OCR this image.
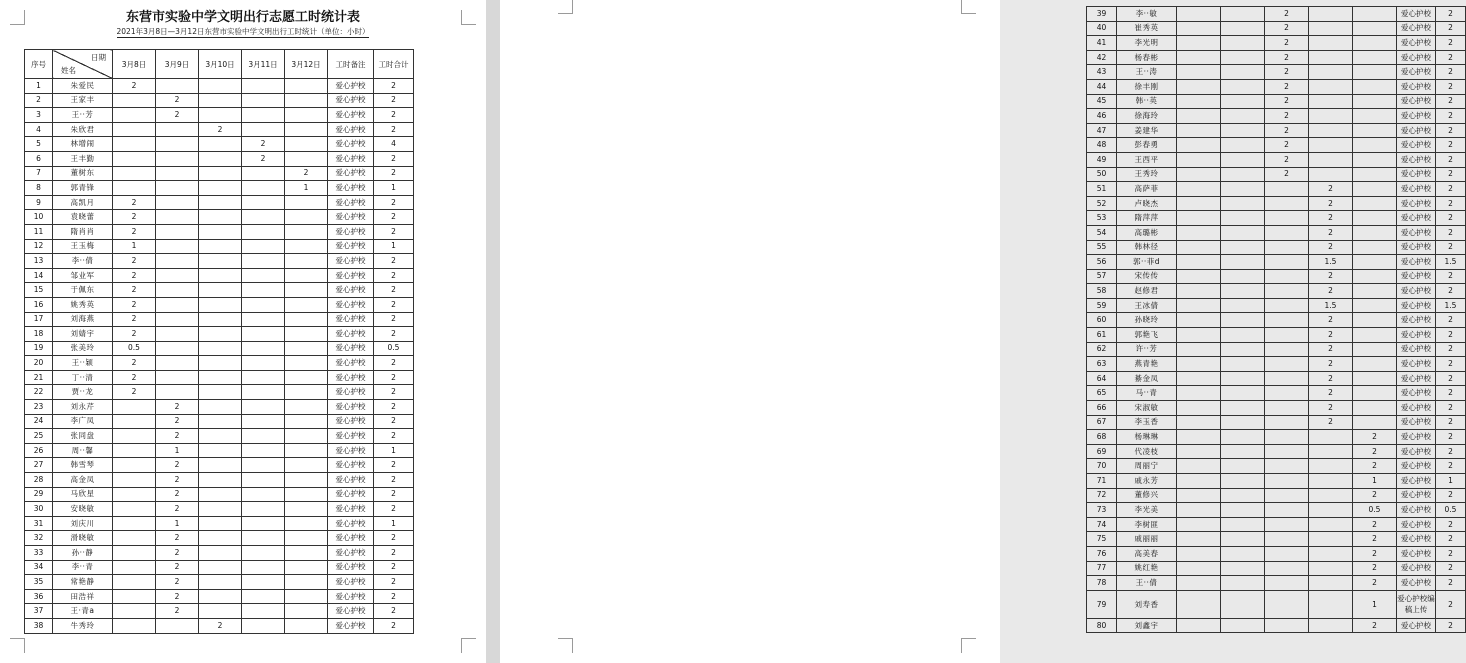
东营市实验中学文明出行志愿工时统计表
2021年3月8日—3月12日东营市实验中学文明出行工时统计（单位：小时）
序号	日期
姓名	3月8日	3月9日	3月10日	3月11日	3月12日	工时备注	工时合计
1	朱爱民	2					爱心护校	2
2	王家丰		2				爱心护校	2
3	王··芳		2				爱心护校	2
4	朱欣君			2			爱心护校	2
5	林增闹				2		爱心护校	4
6	王丰勤				2		爱心护校	2
7	董树东					2	爱心护校	2
8	郭青锋					1	爱心护校	1
9	高凯月	2					爱心护校	2
10	袁晓蕾	2					爱心护校	2
11	隋肖肖	2					爱心护校	2
12	王玉梅	1					爱心护校	1
13	李··倩	2					爱心护校	2
14	邹业军	2					爱心护校	2
15	于佩东	2					爱心护校	2
16	姚秀英	2					爱心护校	2
17	刘海燕	2					爱心护校	2
18	刘婧宇	2					爱心护校	2
19	张美玲	0.5					爱心护校	0.5
20	王··颖	2					爱心护校	2
21	丁··清	2					爱心护校	2
22	贾··龙	2					爱心护校	2
23	刘永芹		2				爱心护校	2
24	李广凤		2				爱心护校	2
25	张同盘		2				爱心护校	2
26	周··馨		1				爱心护校	1
27	韩雪琴		2				爱心护校	2
28	高金凤		2				爱心护校	2
29	马欣星		2				爱心护校	2
30	安晓敏		2				爱心护校	2
31	刘庆川		1				爱心护校	1
32	滑晓敏		2				爱心护校	2
33	孙··静		2				爱心护校	2
34	李··青		2				爱心护校	2
35	常艳静		2				爱心护校	2
36	田浩祥		2				爱心护校	2
37	王·青a		2				爱心护校	2
38	牛秀玲			2			爱心护校	2
39	李··敏			2			爱心护校	2
40	崔秀英			2			爱心护校	2
41	李光明			2			爱心护校	2
42	杨春彬			2			爱心护校	2
43	王··涛			2			爱心护校	2
44	徐丰刚			2			爱心护校	2
45	韩··英			2			爱心护校	2
46	徐海玲			2			爱心护校	2
47	姜建华			2			爱心护校	2
48	彭春勇			2			爱心护校	2
49	王西平			2			爱心护校	2
50	王秀玲			2			爱心护校	2
51	高萨菲				2		爱心护校	2
52	卢晓杰				2		爱心护校	2
53	隋萍萍				2		爱心护校	2
54	高璐彬				2		爱心护校	2
55	韩林径				2		爱心护校	2
56	郭··菲d				1.5		爱心护校	1.5
57	宋传传				2		爱心护校	2
58	赵修君				2		爱心护校	2
59	王冰倩				1.5		爱心护校	1.5
60	孙晓玲				2		爱心护校	2
61	郭艳飞				2		爱心护校	2
62	许··芳				2		爱心护校	2
63	燕青艳				2		爱心护校	2
64	綦金凤				2		爱心护校	2
65	马··青				2		爱心护校	2
66	宋淑敏				2		爱心护校	2
67	李玉香				2		爱心护校	2
68	杨琳琳					2	爱心护校	2
69	代凌枝					2	爱心护校	2
70	周丽宁					2	爱心护校	2
71	戚永芳					1	爱心护校	1
72	董修兴					2	爱心护校	2
73	李光美					0.5	爱心护校	0.5
74	李树匪					2	爱心护校	2
75	戚丽丽					2	爱心护校	2
76	高美春					2	爱心护校	2
77	姚红艳					2	爱心护校	2
78	王··倩					2	爱心护校	2
79	刘寿香					1	爱心护校编稿上传	2
80	刘鑫宇					2	爱心护校	2
